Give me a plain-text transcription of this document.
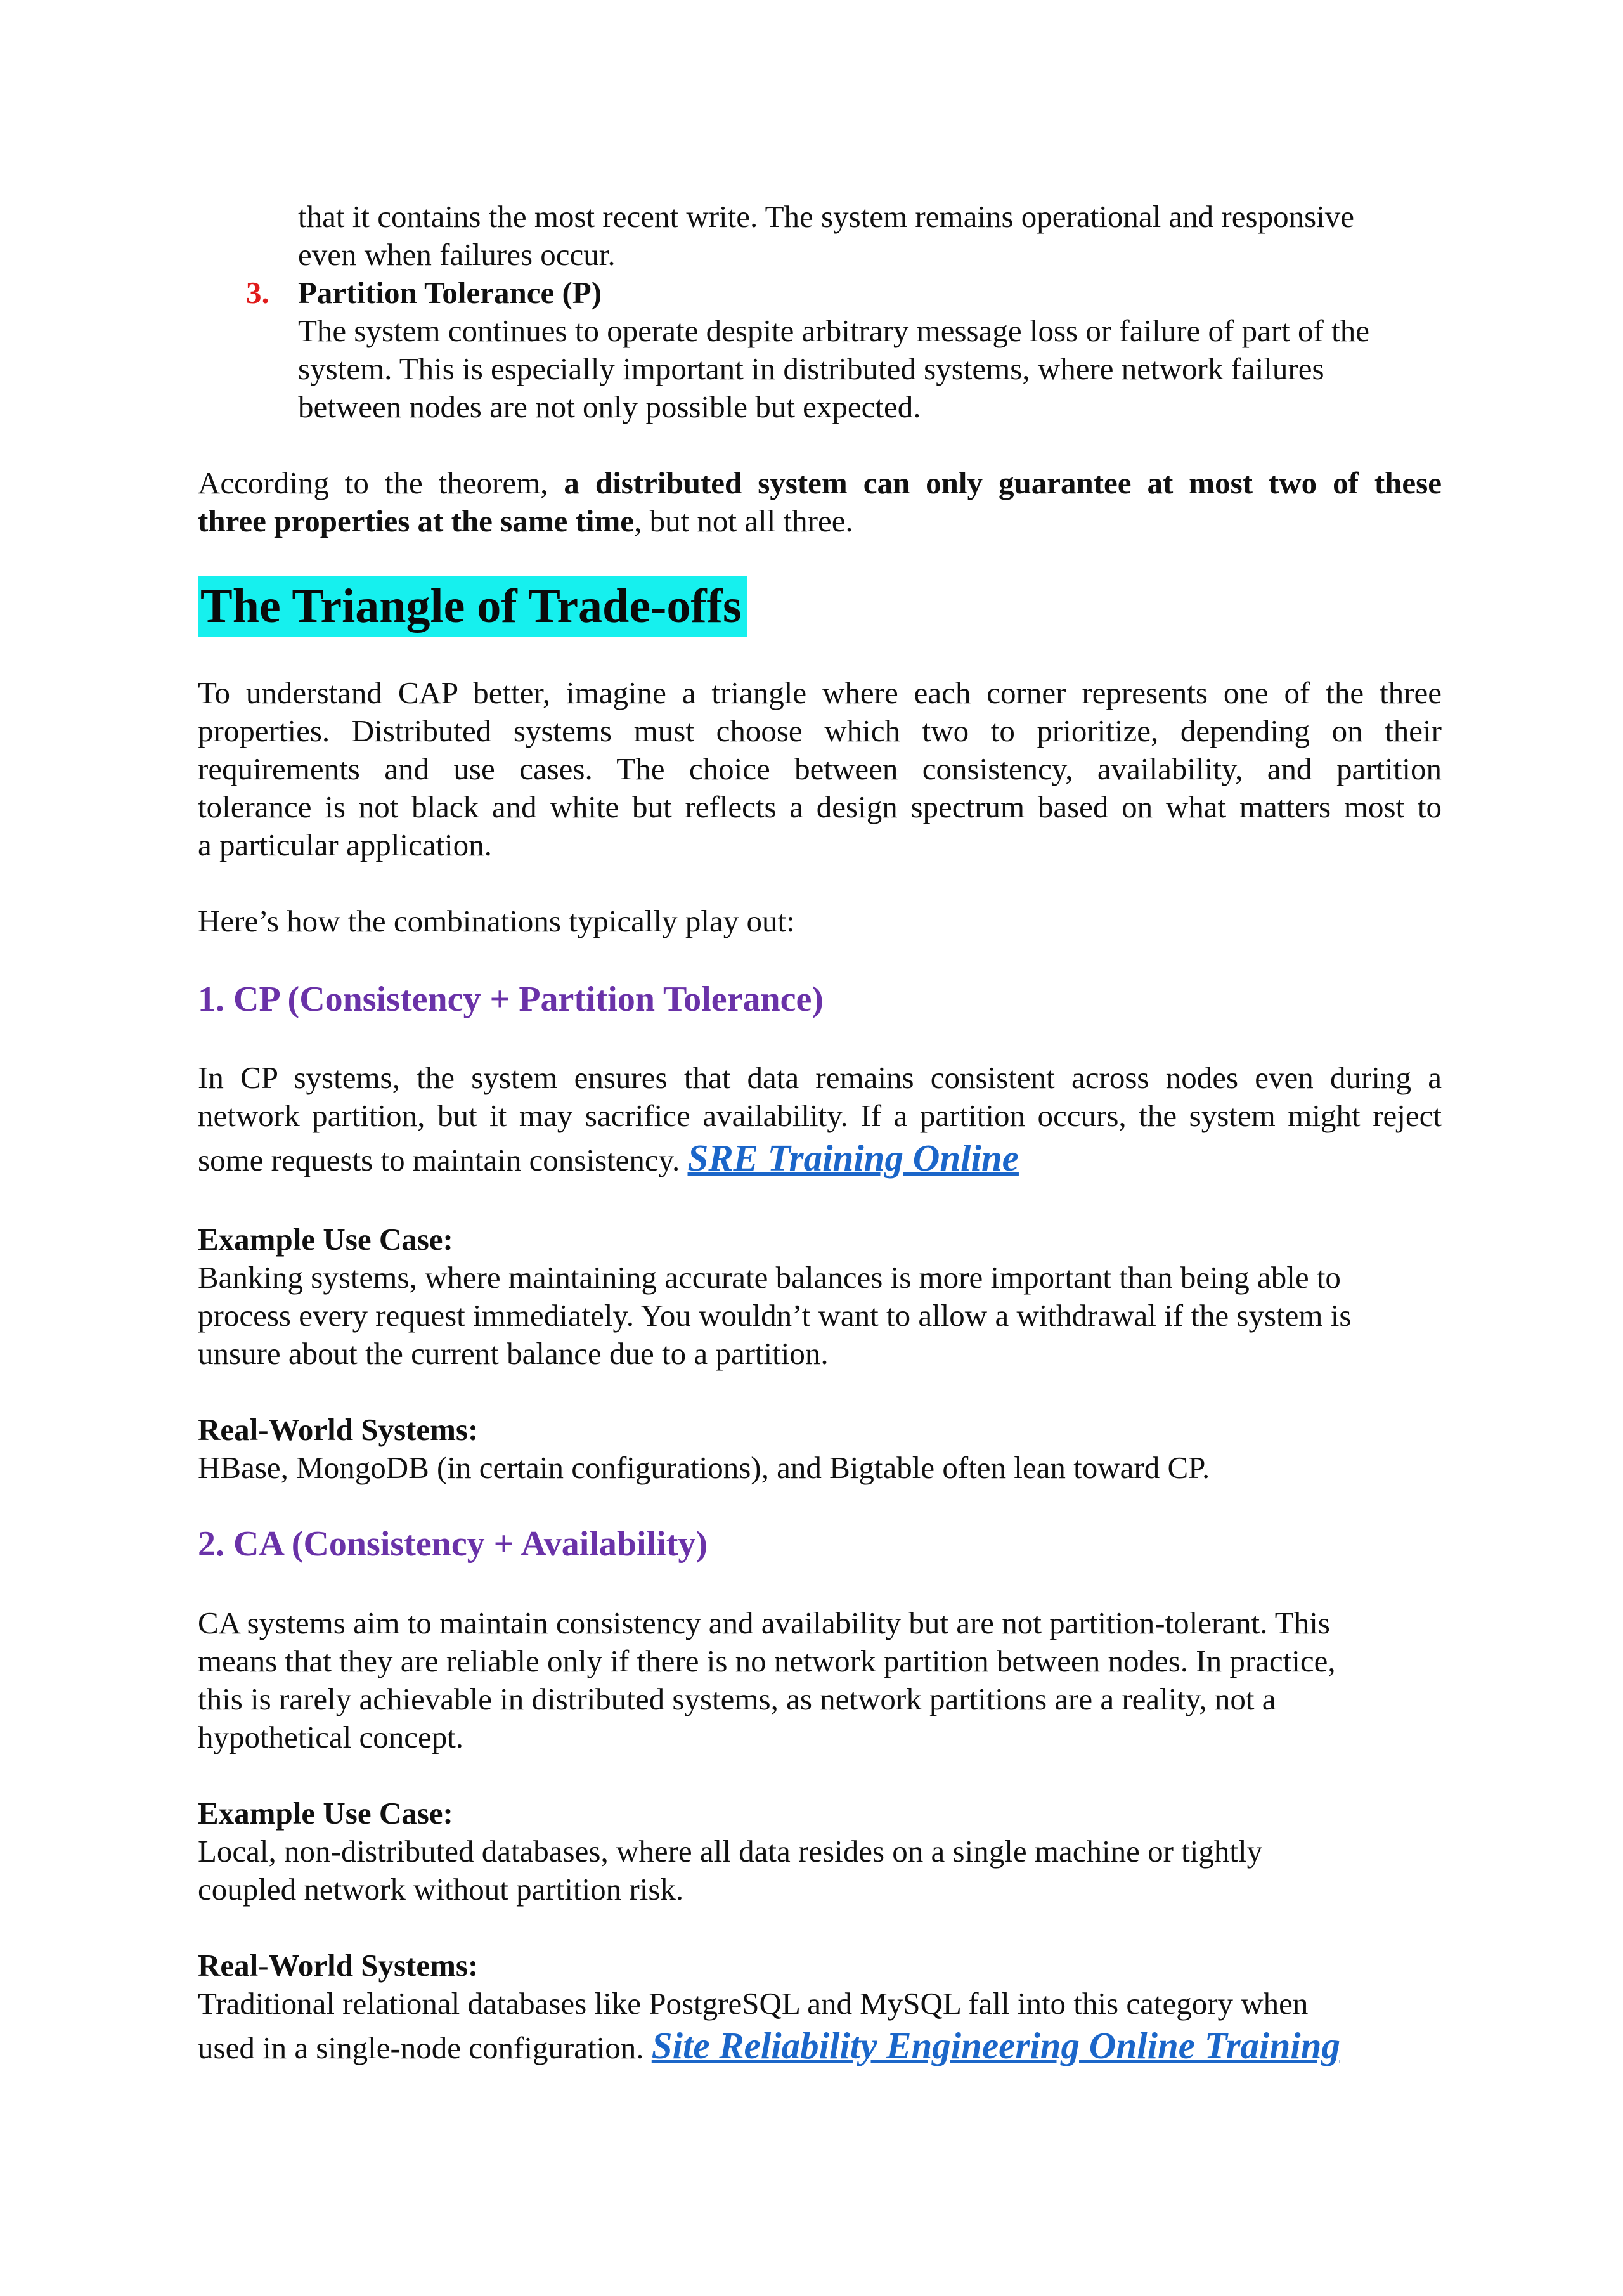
that it contains the most recent write. The system remains operational and responsive
even when failures occur.
3. Partition Tolerance (P)
The system continues to operate despite arbitrary message loss or failure of part of the
system. This is especially important in distributed systems, where network failures
between nodes are not only possible but expected.
According to the theorem, a distributed system can only guarantee at most two of these
three properties at the same time, but not all three.
The Triangle of Trade-offs
To understand CAP better, imagine a triangle where each corner represents one of the three
properties. Distributed systems must choose which two to prioritize, depending on their
requirements and use cases. The choice between consistency, availability, and partition
tolerance is not black and white but reflects a design spectrum based on what matters most to
a particular application.
Here’s how the combinations typically play out:
1. CP (Consistency + Partition Tolerance)
In CP systems, the system ensures that data remains consistent across nodes even during a
network partition, but it may sacrifice availability. If a partition occurs, the system might reject
some requests to maintain consistency. SRE Training Online
Example Use Case:
Banking systems, where maintaining accurate balances is more important than being able to
process every request immediately. You wouldn’t want to allow a withdrawal if the system is
unsure about the current balance due to a partition.
Real-World Systems:
HBase, MongoDB (in certain configurations), and Bigtable often lean toward CP.
2. CA (Consistency + Availability)
CA systems aim to maintain consistency and availability but are not partition-tolerant. This
means that they are reliable only if there is no network partition between nodes. In practice,
this is rarely achievable in distributed systems, as network partitions are a reality, not a
hypothetical concept.
Example Use Case:
Local, non-distributed databases, where all data resides on a single machine or tightly
coupled network without partition risk.
Real-World Systems:
Traditional relational databases like PostgreSQL and MySQL fall into this category when
used in a single-node configuration. Site Reliability Engineering Online Training
